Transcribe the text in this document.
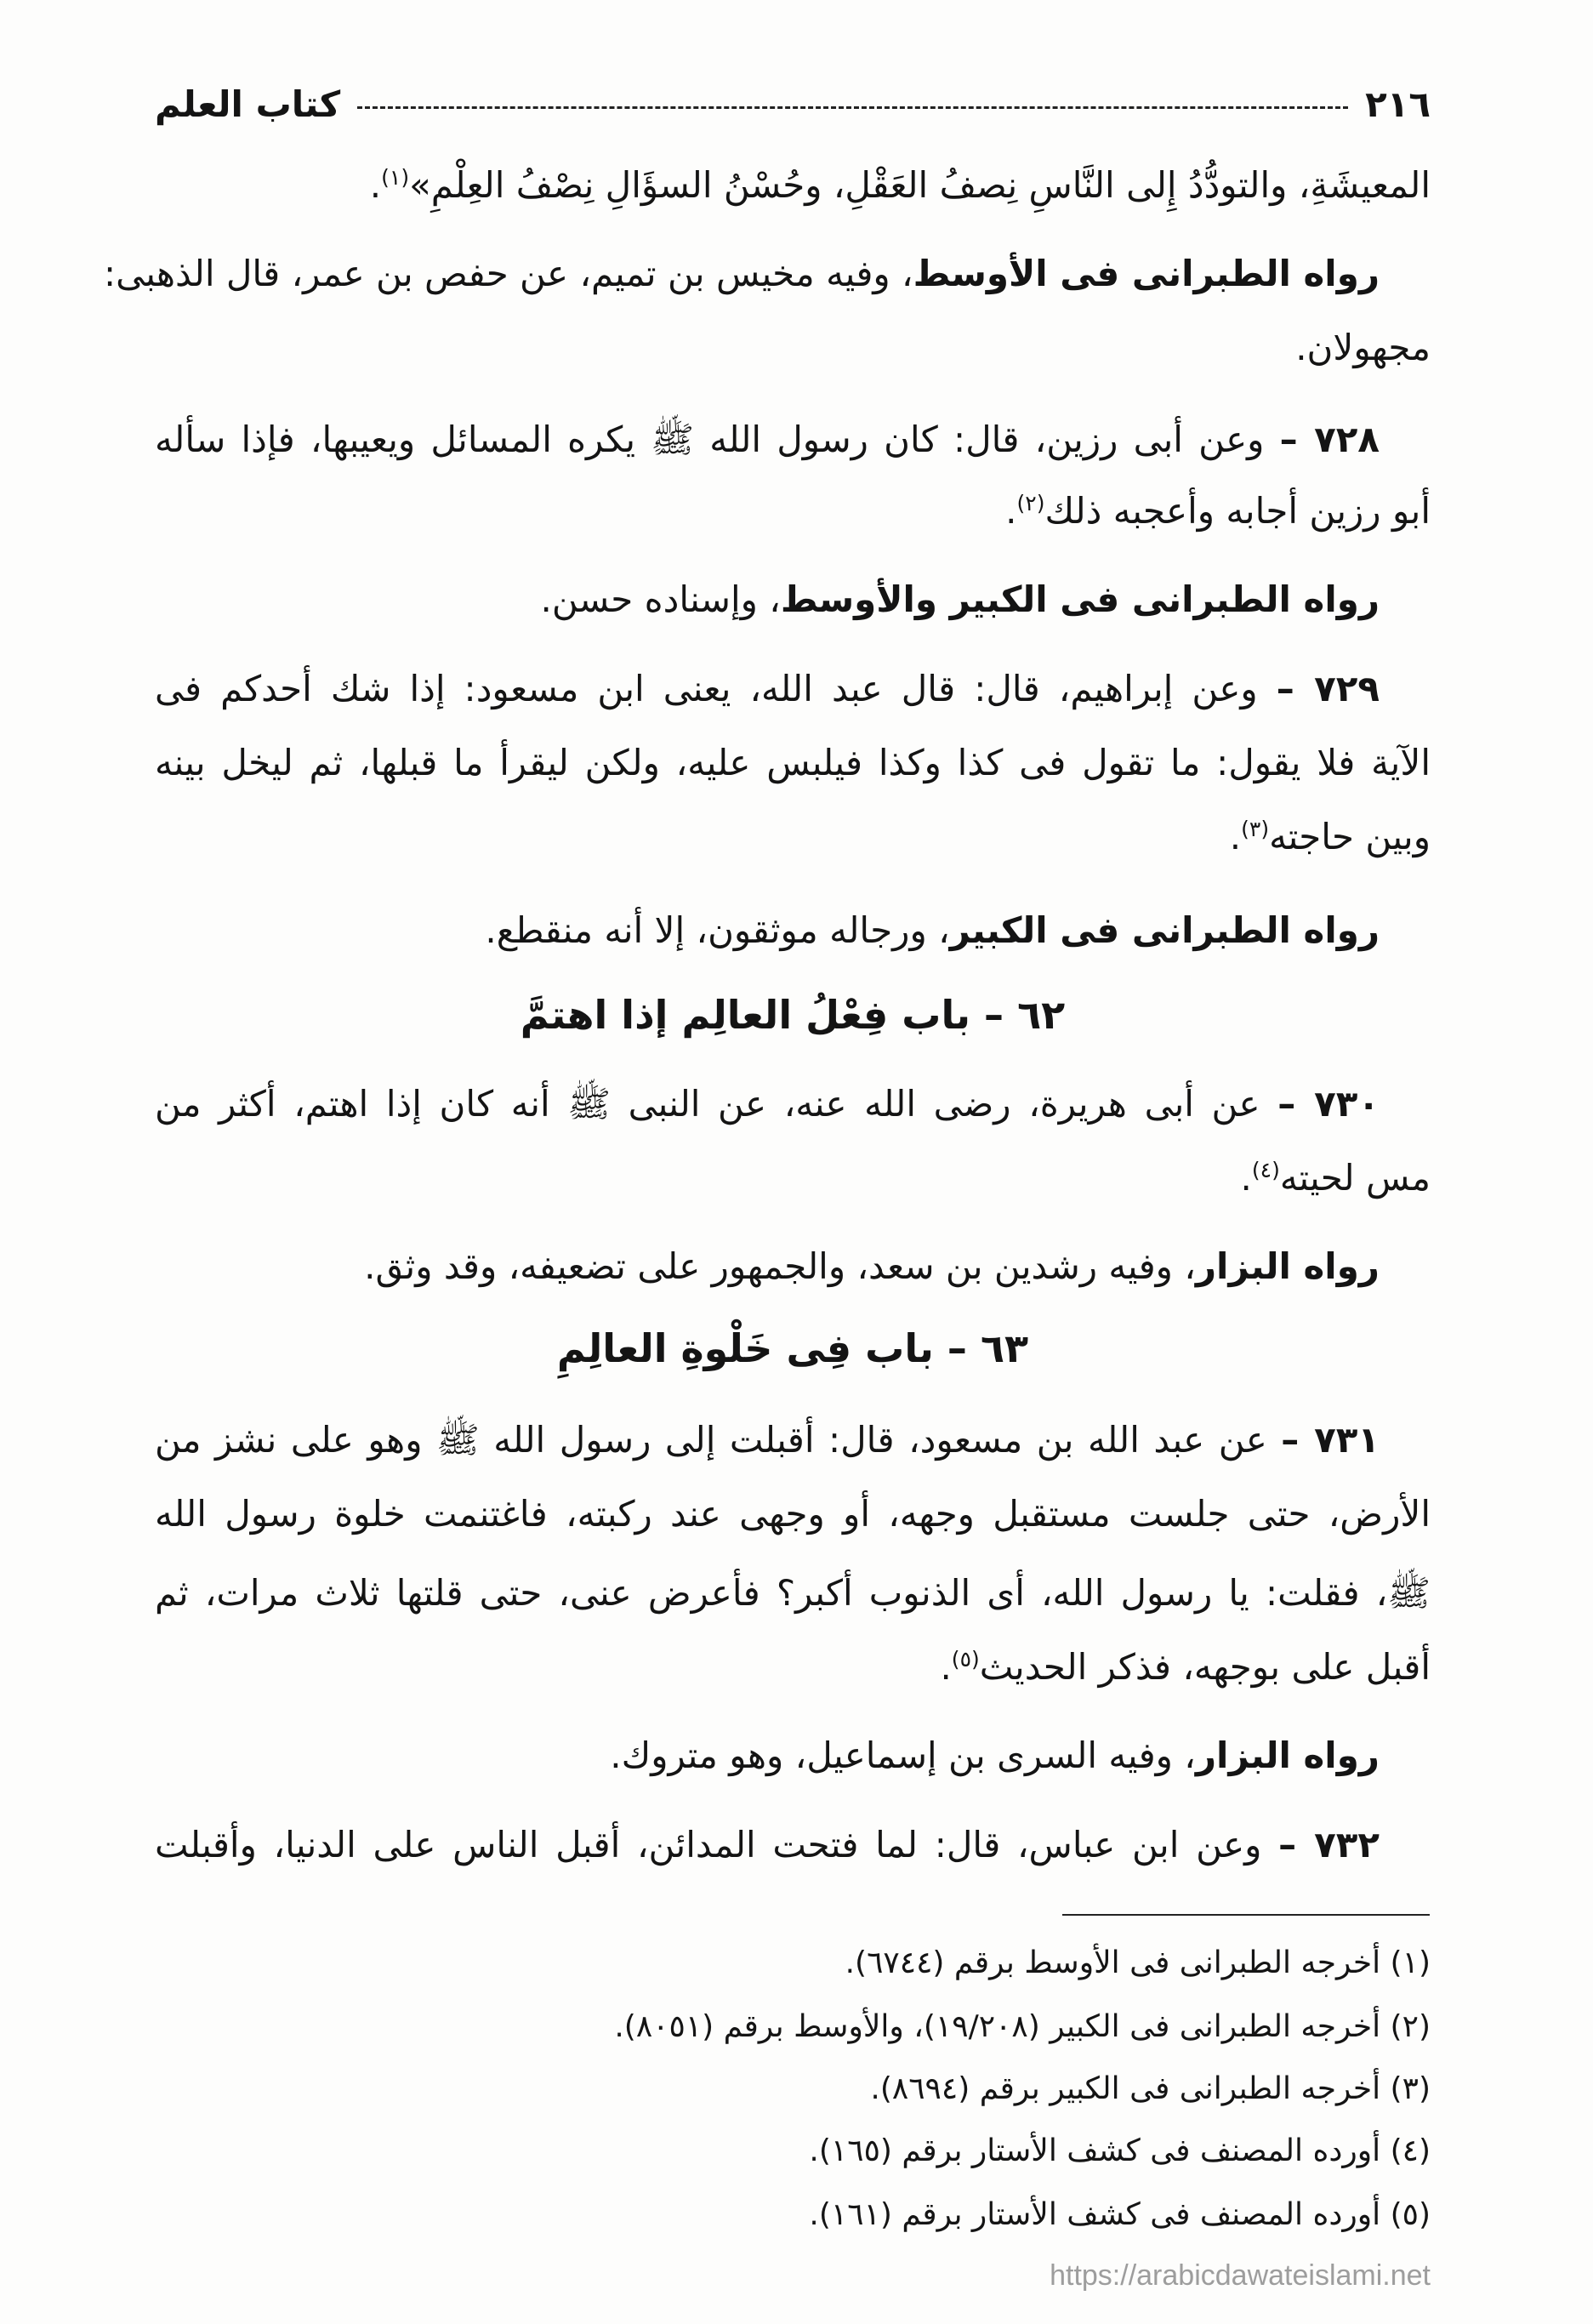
٢١٦
كتاب العلم
المعيشَةِ، والتودُّدُ إِلى النَّاسِ نِصفُ العَقْلِ، وحُسْنُ السؤَالِ نِصْفُ العِلْمِ»$^{(١)}$.
رواه الطبرانى فى الأوسط، وفيه مخيس بن تميم، عن حفص بن عمر، قال الذهبى:
مجهولان.
٧٢٨ – وعن أبى رزين، قال: كان رسول الله ﷺ يكره المسائل ويعيبها، فإذا سأله
أبو رزين أجابه وأعجبه ذلك$^{(٢)}$.
رواه الطبرانى فى الكبير والأوسط، وإسناده حسن.
٧٢٩ – وعن إبراهيم، قال: قال عبد الله، يعنى ابن مسعود: إذا شك أحدكم فى
الآية فلا يقول: ما تقول فى كذا وكذا فيلبس عليه، ولكن ليقرأ ما قبلها، ثم ليخل بينه
وبين حاجته$^{(٣)}$.
رواه الطبرانى فى الكبير، ورجاله موثقون، إلا أنه منقطع.
٦٢ – باب فِعْلُ العالِم إذا اهتمَّ
٧٣٠ – عن أبى هريرة، رضى الله عنه، عن النبى ﷺ أنه كان إذا اهتم، أكثر من
مس لحيته$^{(٤)}$.
رواه البزار، وفيه رشدين بن سعد، والجمهور على تضعيفه، وقد وثق.
٦٣ – باب فِى خَلْوةِ العالِمِ
٧٣١ – عن عبد الله بن مسعود، قال: أقبلت إلى رسول الله ﷺ وهو على نشز من
الأرض، حتى جلست مستقبل وجهه، أو وجهى عند ركبته، فاغتنمت خلوة رسول الله
ﷺ، فقلت: يا رسول الله، أى الذنوب أكبر؟ فأعرض عنى، حتى قلتها ثلاث مرات، ثم
أقبل على بوجهه، فذكر الحديث$^{(٥)}$.
رواه البزار، وفيه السرى بن إسماعيل، وهو متروك.
٧٣٢ – وعن ابن عباس، قال: لما فتحت المدائن، أقبل الناس على الدنيا، وأقبلت
(١) أخرجه الطبرانى فى الأوسط برقم (٦٧٤٤).
(٢) أخرجه الطبرانى فى الكبير (١٩/٢٠٨)، والأوسط برقم (٨٠٥١).
(٣) أخرجه الطبرانى فى الكبير برقم (٨٦٩٤).
(٤) أورده المصنف فى كشف الأستار برقم (١٦٥).
(٥) أورده المصنف فى كشف الأستار برقم (١٦١).
https://arabicdawateislami.net
